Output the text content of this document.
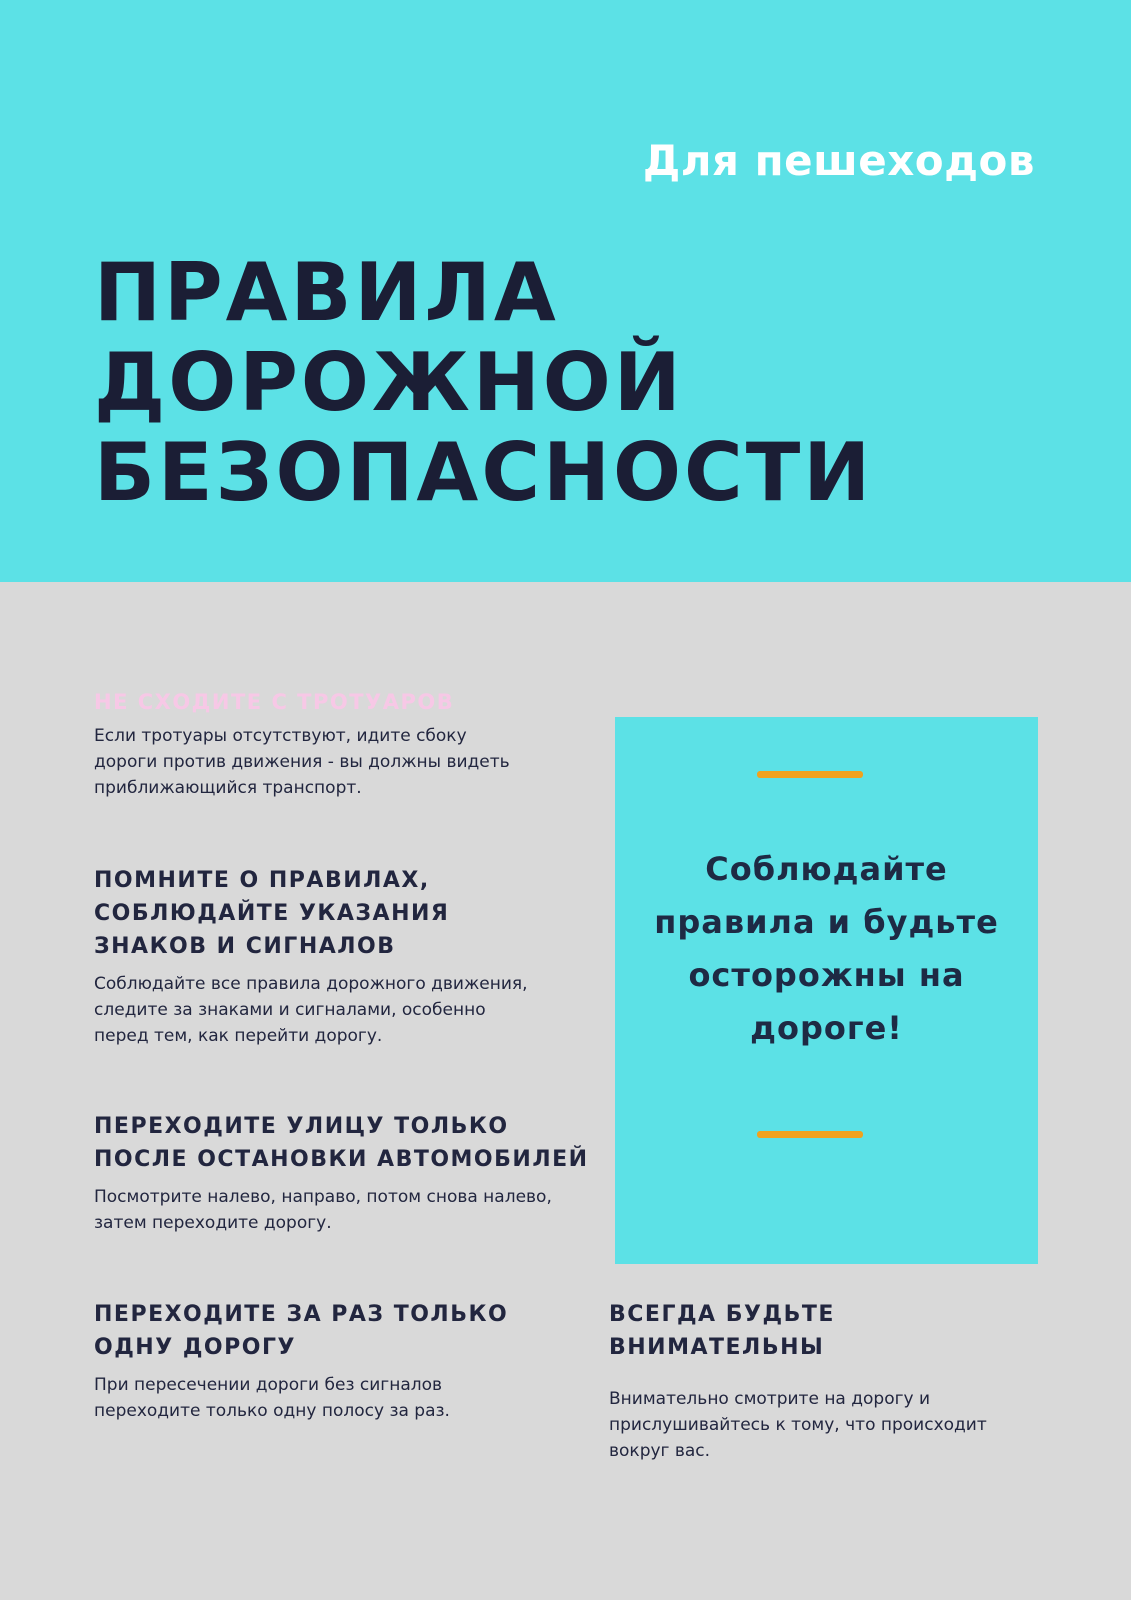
Для пешеходов
ПРАВИЛА
ДОРОЖНОЙ
БЕЗОПАСНОСТИ
НЕ СХОДИТЕ С ТРОТУАРОВ

Если тротуары отсутствуют, идите сбоку дороги против движения - вы должны видеть приближающийся транспорт.

ПОМНИТЕ О ПРАВИЛАХ, СОБЛЮДАЙТЕ УКАЗАНИЯ ЗНАКОВ И СИГНАЛОВ

Соблюдайте все правила дорожного движения, следите за знаками и сигналами, особенно перед тем, как перейти дорогу.

ПЕРЕХОДИТЕ УЛИЦУ ТОЛЬКО ПОСЛЕ ОСТАНОВКИ АВТОМОБИЛЕЙ

Посмотрите налево, направо, потом снова налево, затем переходите дорогу.

ПЕРЕХОДИТЕ ЗА РАЗ ТОЛЬКО ОДНУ ДОРОГУ

При пересечении дороги без сигналов переходите только одну полосу за раз.

Соблюдайте правила и будьте осторожны на дороге!

ВСЕГДА БУДЬТЕ ВНИМАТЕЛЬНЫ

Внимательно смотрите на дорогу и прислушивайтесь к тому, что происходит вокруг вас.
